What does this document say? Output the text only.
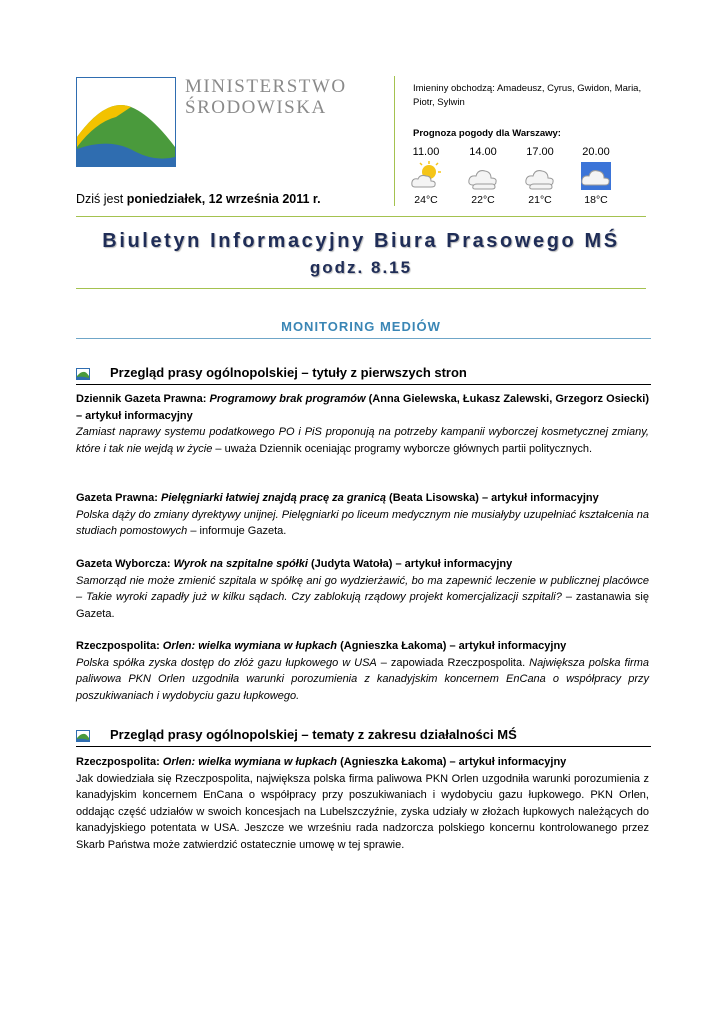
MINISTERSTWO
ŚRODOWISKA
Dziś jest poniedziałek, 12 września 2011 r.
Imieniny obchodzą: Amadeusz, Cyrus, Gwidon, Maria, Piotr, Sylwin
Prognoza pogody dla Warszawy:
11.00
24°C
14.00
22°C
17.00
21°C
20.00
18°C
Biuletyn Informacyjny Biura Prasowego MŚ
godz. 8.15
MONITORING MEDIÓW
Przegląd prasy ogólnopolskiej – tytuły z pierwszych stron

Dziennik Gazeta Prawna: Programowy brak programów (Anna Gielewska, Łukasz Zalewski, Grzegorz Osiecki) – artykuł informacyjny

Zamiast naprawy systemu podatkowego PO i PiS proponują na potrzeby kampanii wyborczej kosmetycznej zmiany, które i tak nie wejdą w życie – uważa Dziennik oceniając programy wyborcze głównych partii politycznych.

Gazeta Prawna: Pielęgniarki łatwiej znajdą pracę za granicą (Beata Lisowska) – artykuł informacyjny

Polska dąży do zmiany dyrektywy unijnej. Pielęgniarki po liceum medycznym nie musiałyby uzupełniać kształcenia na studiach pomostowych – informuje Gazeta.

Gazeta Wyborcza: Wyrok na szpitalne spółki (Judyta Watoła) – artykuł informacyjny

Samorząd nie może zmienić szpitala w spółkę ani go wydzierżawić, bo ma zapewnić leczenie w publicznej placówce – Takie wyroki zapadły już w kilku sądach. Czy zablokują rządowy projekt komercjalizacji szpitali? – zastanawia się Gazeta.

Rzeczpospolita: Orlen: wielka wymiana w łupkach (Agnieszka Łakoma) – artykuł informacyjny

Polska spółka zyska dostęp do złóż gazu łupkowego w USA – zapowiada Rzeczpospolita. Największa polska firma paliwowa PKN Orlen uzgodniła warunki porozumienia z kanadyjskim koncernem EnCana o współpracy przy poszukiwaniach i wydobyciu gazu łupkowego.

Przegląd prasy ogólnopolskiej – tematy z zakresu działalności MŚ

Rzeczpospolita: Orlen: wielka wymiana w łupkach (Agnieszka Łakoma) – artykuł informacyjny

Jak dowiedziała się Rzeczpospolita, największa polska firma paliwowa PKN Orlen uzgodniła warunki porozumienia z kanadyjskim koncernem EnCana o współpracy przy poszukiwaniach i wydobyciu gazu łupkowego. PKN Orlen, oddając część udziałów w swoich koncesjach na Lubelszczyźnie, zyska udziały w złożach łupkowych należących do kanadyjskiego potentata w USA. Jeszcze we wrześniu rada nadzorcza polskiego koncernu kontrolowanego przez Skarb Państwa może zatwierdzić ostatecznie umowę w tej sprawie.
